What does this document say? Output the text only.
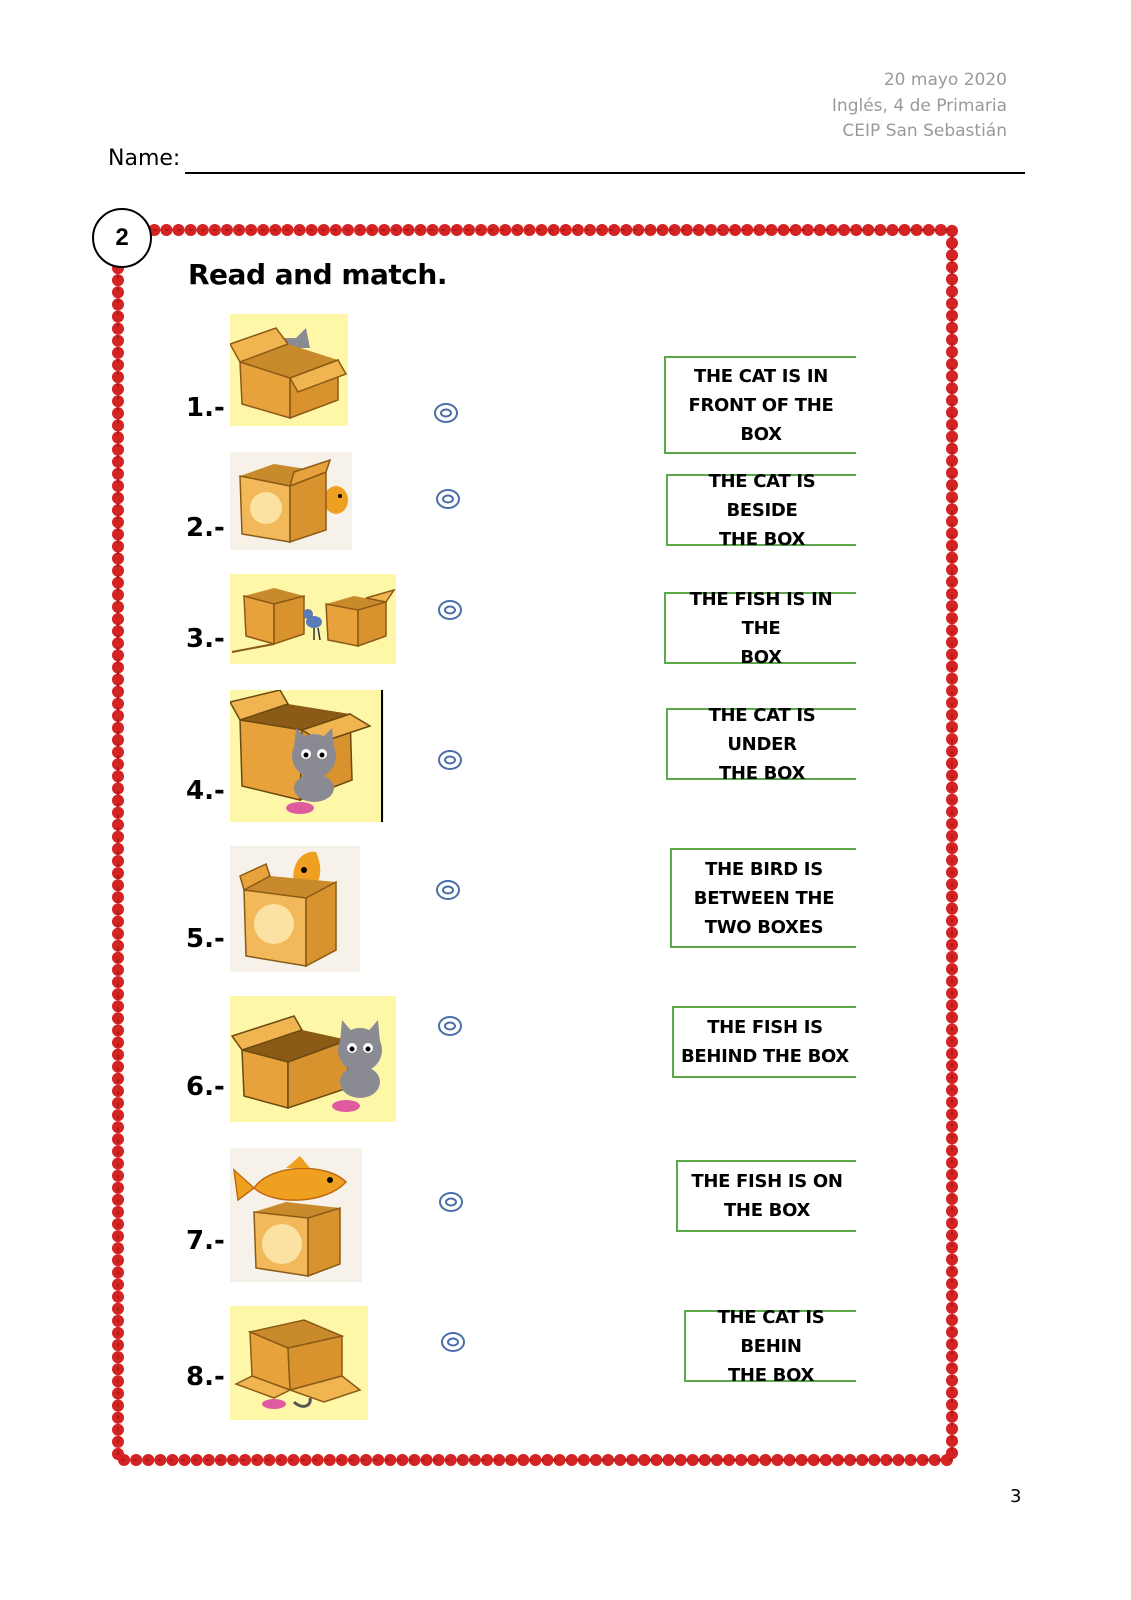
20 mayo 2020
Inglés, 4 de Primaria
CEIP San Sebastián
Name:
2
Read and match.
1.-
2.-
3.-
4.-
5.-
6.-
7.-
8.-
THE CAT IS IN
FRONT OF THE
BOX
THE CAT IS BESIDE
THE BOX
THE FISH IS IN THE
BOX
THE CAT IS UNDER
THE BOX
THE BIRD IS
BETWEEN THE
TWO BOXES
THE FISH IS
BEHIND THE BOX
THE FISH IS ON
THE BOX
THE CAT IS BEHIN
THE BOX
3
